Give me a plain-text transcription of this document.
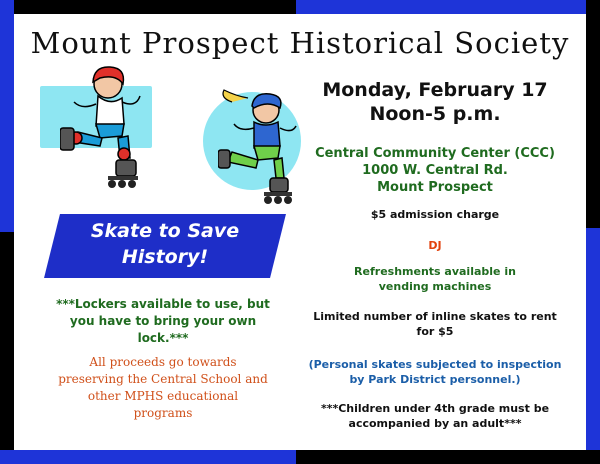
Mount Prospect Historical Society
Skate to Save
History!
***Lockers available to use, but
you have to bring your own
lock.***
All proceeds go towards
preserving the Central School and
other MPHS educational
programs
Monday, February 17
Noon-5 p.m.
Central Community Center (CCC)
1000 W. Central Rd.
Mount Prospect
$5 admission charge
DJ
Refreshments available in
vending machines
Limited number of inline skates to rent
for $5
(Personal skates subjected to inspection
by Park District personnel.)
***Children under 4th grade must be
accompanied by an adult***
